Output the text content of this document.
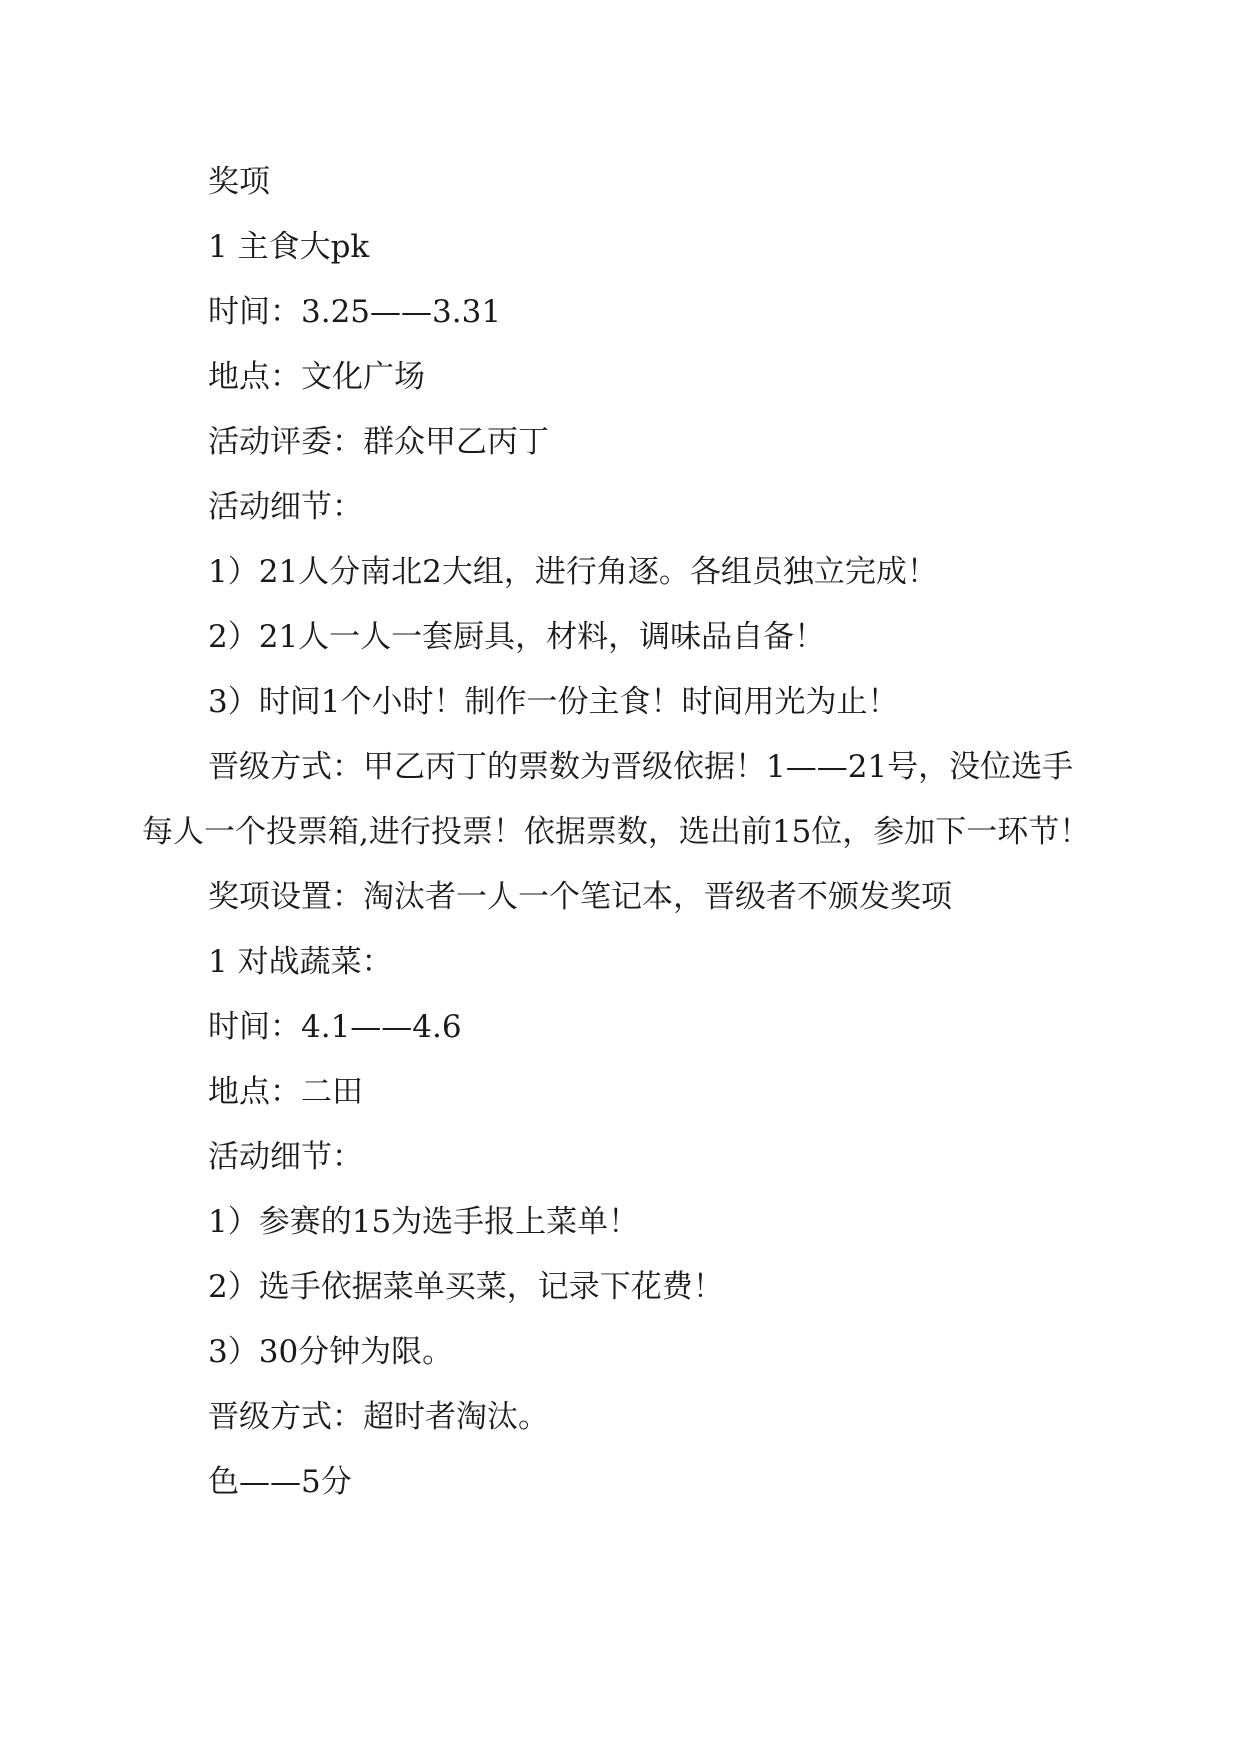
奖项

1 主食大pk

时间：3.25——3.31

地点：文化广场

活动评委：群众甲乙丙丁

活动细节：

1）21人分南北2大组，进行角逐。各组员独立完成！

2）21人一人一套厨具，材料，调味品自备！

3）时间1个小时！制作一份主食！时间用光为止！

晋级方式：甲乙丙丁的票数为晋级依据！1——21号，没位选手每人一个投票箱,进行投票！依据票数，选出前15位，参加下一环节！

奖项设置：淘汰者一人一个笔记本，晋级者不颁发奖项

1 对战蔬菜：

时间：4.1——4.6

地点：二田

活动细节：

1）参赛的15为选手报上菜单！

2）选手依据菜单买菜，记录下花费！

3）30分钟为限。

晋级方式：超时者淘汰。

色——5分
